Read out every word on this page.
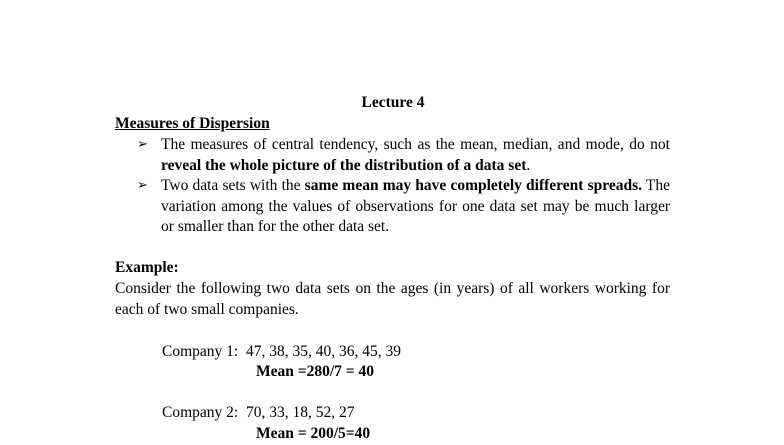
Lecture 4
Measures of Dispersion
➢ The measures of central tendency, such as the mean, median, and mode, do not reveal the whole picture of the distribution of a data set.
➢ Two data sets with the same mean may have completely different spreads. The variation among the values of observations for one data set may be much larger or smaller than for the other data set.
Example:
Consider the following two data sets on the ages (in years) of all workers working for each of two small companies.
Company 1:  47, 38, 35, 40, 36, 45, 39
Mean =280/7 = 40
Company 2:  70, 33, 18, 52, 27
Mean = 200/5=40
